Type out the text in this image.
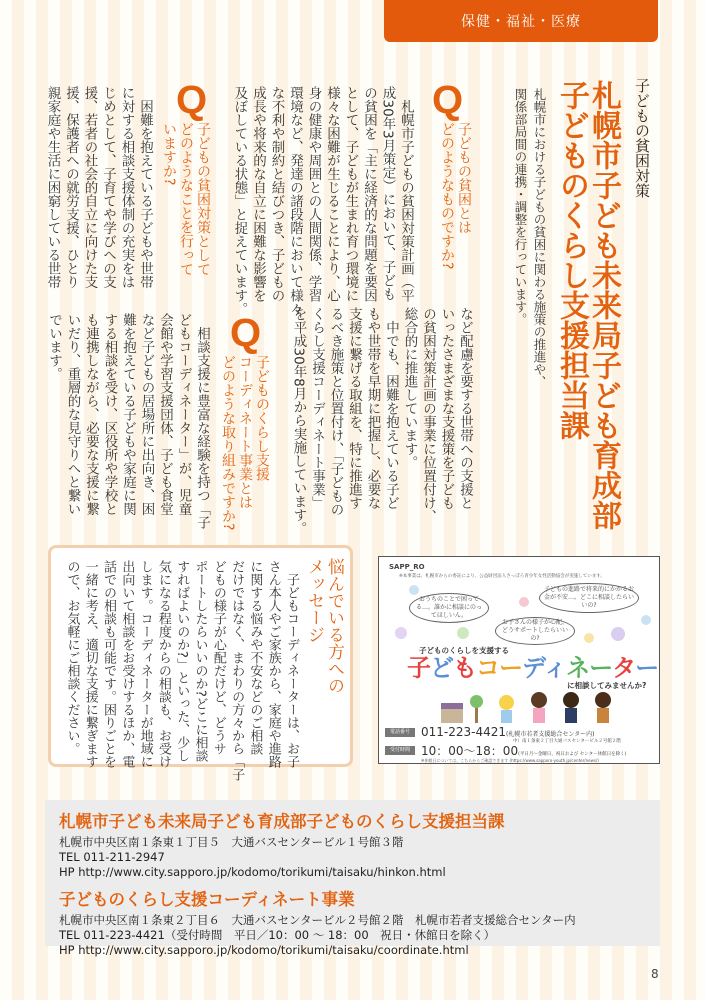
保健・福祉・医療
子どもの貧困対策
札幌市子ども未来局子ども育成部
子どものくらし支援担当課
札幌市における子どもの貧困に関わる施策の推進や、
関係部局間の連携・調整を行っています。
Q
子どもの貧困とは
どのようなものですか?
　札幌市子どもの貧困対策計画（平
成30年3月策定）において、子ども
の貧困を「主に経済的な問題を要因
として、子どもが生まれ育つ環境に
様々な困難が生じることにより、心
身の健康や周囲との人間関係、学習
環境など、発達の諸段階において様々
な不利や制約と結びつき、子どもの
成長や将来的な自立に困難な影響を
及ぼしている状態」と捉えています。
Q
子どもの貧困対策として
どのようなことを行って
いますか?
　困難を抱えている子どもや世帯
に対する相談支援体制の充実をは
じめとして、子育てや学びへの支
援、若者の社会的自立に向けた支
援、保護者への就労支援、ひとり
親家庭や生活に困窮している世帯
など配慮を要する世帯への支援と
いったさまざまな支援策を子ども
の貧困対策計画の事業に位置付け、
総合的に推進しています。
　中でも、困難を抱えている子ど
もや世帯を早期に把握し、必要な
支援に繋げる取組を、特に推進す
るべき施策と位置付け、「子どもの
くらし支援コーディネート事業」
を平成30年8月から実施しています。
Q
子どものくらし支援
コーディネート事業とは
どのような取り組みですか?
　相談支援に豊富な経験を持つ「子
どもコーディネーター」が、児童
会館や学習支援団体、子ども食堂
など子どもの居場所に出向き、困
難を抱えている子どもや家庭に関
する相談を受け、区役所や学校と
も連携しながら、必要な支援に繋
いだり、重層的な見守りへと繋い
でいます。
悩んでいる方への
メッセージ
　子どもコーディネーターは、お子
さん本人やご家族から、家庭や進路
に関する悩みや不安などのご相談
だけではなく、まわりの方々から「子
どもの様子が心配だけど、どうサ
ポートしたらいいのか?どこに相談
すればよいのか?」といった、少し
気になる程度からの相談も、お受け
します。コーディネーターが地域に
出向いて相談をお受けするほか、電
話での相談も可能です。困りごとを
一緒に考え、適切な支援に繋ぎます
ので、お気軽にご相談ください。	SAPP_RO
※本事業は、札幌市からの委託により、公益財団法人さっぽろ青少年女性活動協会が実施しています。
おうちのことで困ってる…。誰かに相談にのってほしいん。
子どもの進路で将来的にかかるお金が不安…。どこに相談したらいいの?
お子さんの様子が心配。どうサポートしたらいいの?
子どものくらしを支援する
子どもコーディネーター
に相談してみませんか?
電話番号
受付時間
011-223-4421(札幌市若者支援総合センター内)
中）南１条東２丁目大通バスセンタービル２号館２階
10：00〜18：00(平日月〜金曜日、祝日および センター休館日を除く)
※休館日については、こちらからご確認できます (https://www.sapporo-youth.jp/center/news/)
札幌市子ども未来局子ども育成部子どものくらし支援担当課
札幌市中央区南１条東１丁目５　大通バスセンタービル１号館３階
TEL 011-211-2947
HP http://www.city.sapporo.jp/kodomo/torikumi/taisaku/hinkon.html
子どものくらし支援コーディネート事業
札幌市中央区南１条東２丁目６　大通バスセンタービル２号館２階　札幌市若者支援総合センター内
TEL 011-223-4421（受付時間　平日／10：00 〜 18：00　祝日・休館日を除く）
HP http://www.city.sapporo.jp/kodomo/torikumi/taisaku/coordinate.html
8
